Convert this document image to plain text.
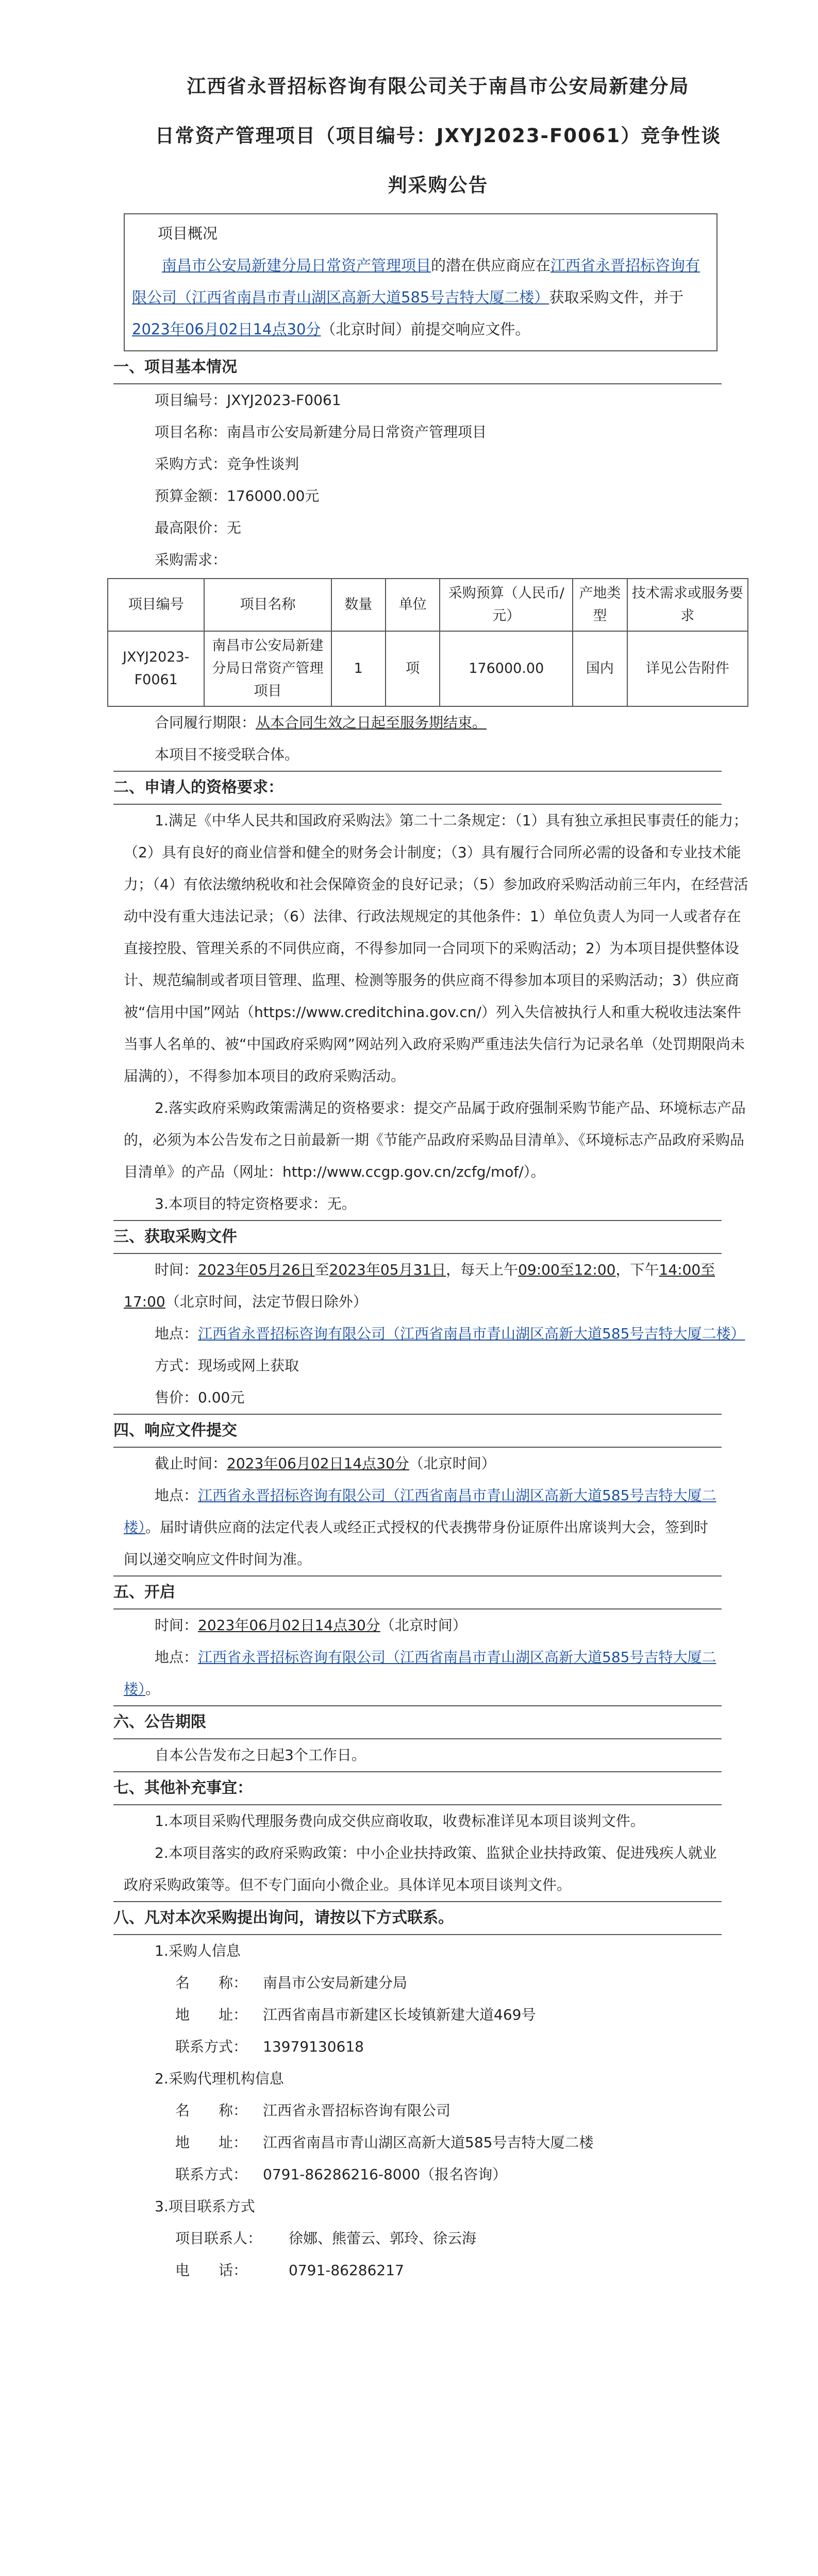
江西省永晋招标咨询有限公司关于南昌市公安局新建分局
日常资产管理项目（项目编号：JXYJ2023-F0061）竞争性谈
判采购公告
项目概况
南昌市公安局新建分局日常资产管理项目的潜在供应商应在江西省永晋招标咨询有限公司（江西省南昌市青山湖区高新大道585号吉特大厦二楼）获取采购文件，并于2023年06月02日14点30分（北京时间）前提交响应文件。
一、项目基本情况
项目编号：JXYJ2023-F0061
项目名称：南昌市公安局新建分局日常资产管理项目
采购方式：竞争性谈判
预算金额：176000.00元
最高限价：无
采购需求：
项目编号	项目名称	数量	单位	采购预算（人民币/元）	产地类型	技术需求或服务要求
JXYJ2023-F0061	南昌市公安局新建分局日常资产管理项目	1	项	176000.00	国内	详见公告附件
合同履行期限：从本合同生效之日起至服务期结束。
本项目不接受联合体。
二、申请人的资格要求：
1.满足《中华人民共和国政府采购法》第二十二条规定：（1）具有独立承担民事责任的能力；（2）具有良好的商业信誉和健全的财务会计制度；（3）具有履行合同所必需的设备和专业技术能力；（4）有依法缴纳税收和社会保障资金的良好记录；（5）参加政府采购活动前三年内，在经营活动中没有重大违法记录；（6）法律、行政法规规定的其他条件：1）单位负责人为同一人或者存在直接控股、管理关系的不同供应商，不得参加同一合同项下的采购活动；2）为本项目提供整体设计、规范编制或者项目管理、监理、检测等服务的供应商不得参加本项目的采购活动；3）供应商被“信用中国”网站（https://www.creditchina.gov.cn/）列入失信被执行人和重大税收违法案件当事人名单的、被“中国政府采购网”网站列入政府采购严重违法失信行为记录名单（处罚期限尚未届满的），不得参加本项目的政府采购活动。
2.落实政府采购政策需满足的资格要求：提交产品属于政府强制采购节能产品、环境标志产品的，必须为本公告发布之日前最新一期《节能产品政府采购品目清单》、《环境标志产品政府采购品目清单》的产品（网址：http://www.ccgp.gov.cn/zcfg/mof/）。
3.本项目的特定资格要求：无。
三、获取采购文件
时间：2023年05月26日至2023年05月31日，每天上午09:00至12:00，下午14:00至17:00（北京时间，法定节假日除外）
地点：江西省永晋招标咨询有限公司（江西省南昌市青山湖区高新大道585号吉特大厦二楼）
方式：现场或网上获取
售价：0.00元
四、响应文件提交
截止时间：2023年06月02日14点30分（北京时间）
地点：江西省永晋招标咨询有限公司（江西省南昌市青山湖区高新大道585号吉特大厦二楼）。届时请供应商的法定代表人或经正式授权的代表携带身份证原件出席谈判大会，签到时间以递交响应文件时间为准。
五、开启
时间：2023年06月02日14点30分（北京时间）
地点：江西省永晋招标咨询有限公司（江西省南昌市青山湖区高新大道585号吉特大厦二楼）。
六、公告期限
自本公告发布之日起3个工作日。
七、其他补充事宜：
1.本项目采购代理服务费向成交供应商收取，收费标准详见本项目谈判文件。
2.本项目落实的政府采购政策：中小企业扶持政策、监狱企业扶持政策、促进残疾人就业政府采购政策等。但不专门面向小微企业。具体详见本项目谈判文件。
八、凡对本次采购提出询问，请按以下方式联系。
1.采购人信息
名　　称： 南昌市公安局新建分局
地　　址： 江西省南昌市新建区长堎镇新建大道469号
联系方式： 13979130618
2.采购代理机构信息
名　　称： 江西省永晋招标咨询有限公司
地　　址： 江西省南昌市青山湖区高新大道585号吉特大厦二楼
联系方式： 0791-86286216-8000（报名咨询）
3.项目联系方式
项目联系人： 徐娜、熊蕾云、郭玲、徐云海
电　　话：	0791-86286217
